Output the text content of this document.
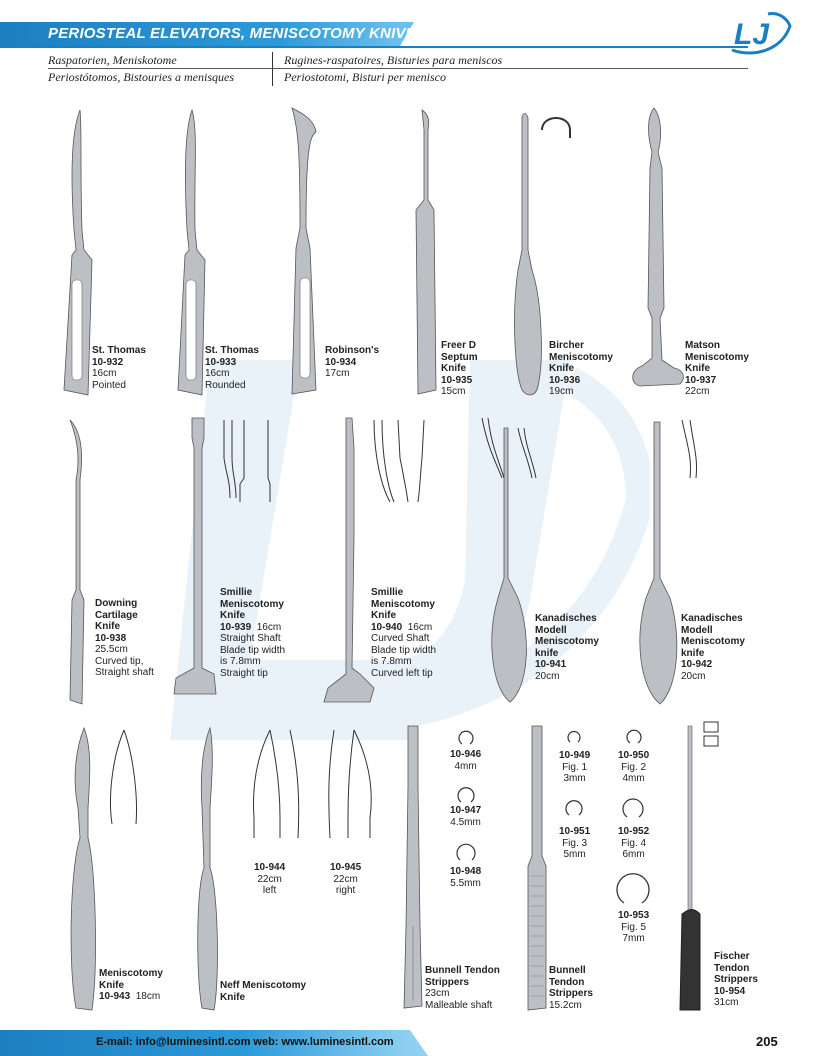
PERIOSTEAL ELEVATORS, MENISCOTOMY KNIVES	LJ
Raspatorien, Meniskotome
Periostótomos, Bistouries a menisques
Rugines-raspatoires, Bisturies para meniscos
Periostotomi, Bisturi per menisco
St. Thomas
10-932
16cm
Pointed
St. Thomas
10-933
16cm
Rounded
Robinson's
10-934
17cm
Freer D
Septum
Knife
10-935
15cm
Bircher
Meniscotomy
Knife
10-936
19cm
Matson
Meniscotomy
Knife
10-937
22cm
Downing
Cartilage
Knife
10-938
25.5cm
Curved tip,
Straight shaft
Smillie
Meniscotomy
Knife
10-939 16cm
Straight Shaft
Blade tip width
is 7.8mm
Straight tip
Smillie
Meniscotomy
Knife
10-940 16cm
Curved Shaft
Blade tip width
is 7.8mm
Curved left tip
Kanadisches
Modell
Meniscotomy
knife
10-941
20cm
Kanadisches
Modell
Meniscotomy
knife
10-942
20cm
Meniscotomy
Knife
10-943 18cm
Neff Meniscotomy
Knife
10-944
22cm
left
10-945
22cm
right
10-946
4mm
10-947
4.5mm
10-948
5.5mm
10-949
Fig. 1
3mm
10-950
Fig. 2
4mm
10-951
Fig. 3
5mm
10-952
Fig. 4
6mm
10-953
Fig. 5
7mm
Bunnell Tendon
Strippers
23cm
Malleable shaft
Bunnell
Tendon
Strippers
15.2cm
Fischer
Tendon
Strippers
10-954
31cm
E-mail: info@luminesintl.com web: www.luminesintl.com	205
